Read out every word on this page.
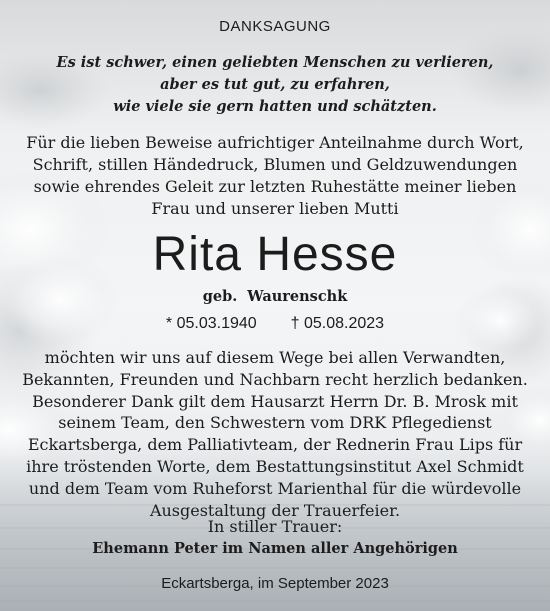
DANKSAGUNG
Es ist schwer, einen geliebten Menschen zu verlieren,
aber es tut gut, zu erfahren,
wie viele sie gern hatten und schätzten.
Für die lieben Beweise aufrichtiger Anteilnahme durch Wort,
Schrift, stillen Händedruck, Blumen und Geldzuwendungen
sowie ehrendes Geleit zur letzten Ruhestätte meiner lieben
Frau und unserer lieben Mutti
Rita Hesse
geb. Waurenschk
* 05.03.1940 † 05.08.2023
möchten wir uns auf diesem Wege bei allen Verwandten,
Bekannten, Freunden und Nachbarn recht herzlich bedanken.
Besonderer Dank gilt dem Hausarzt Herrn Dr. B. Mrosk mit
seinem Team, den Schwestern vom DRK Pflegedienst
Eckartsberga, dem Palliativteam, der Rednerin Frau Lips für
ihre tröstenden Worte, dem Bestattungsinstitut Axel Schmidt
und dem Team vom Ruheforst Marienthal für die würdevolle
Ausgestaltung der Trauerfeier.
In stiller Trauer:
Ehemann Peter im Namen aller Angehörigen
Eckartsberga, im September 2023
